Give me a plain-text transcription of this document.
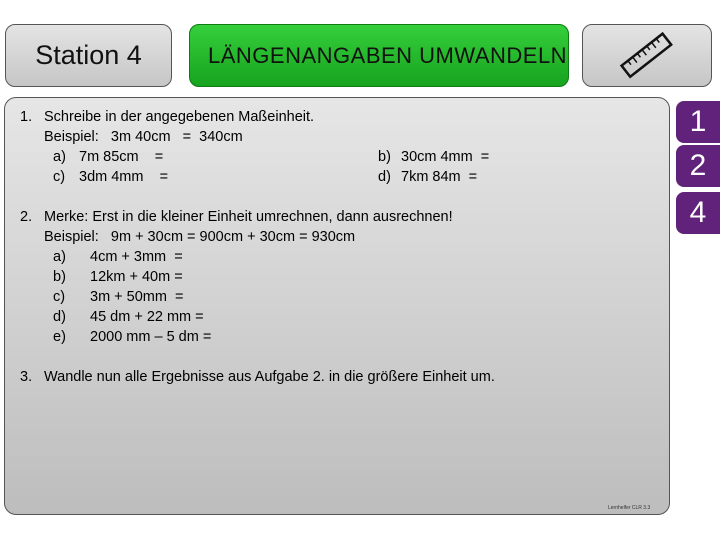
Station 4	LÄNGENANGABEN UMWANDELN
1
2
4
1. Schreibe in der angegebenen Maßeinheit.
Beispiel:   3m 40cm   =  340cm
a) 7m 85cm    =	b) 30cm 4mm  =
c) 3dm 4mm    =	d) 7km 84m  =
2. Merke: Erst in die kleiner Einheit umrechnen, dann ausrechnen!
Beispiel:   9m + 30cm = 900cm + 30cm = 930cm
a) 4cm + 3mm  =
b) 12km + 40m =
c) 3m + 50mm  =
d) 45 dm + 22 mm =
e) 2000 mm – 5 dm =
3. Wandle nun alle Ergebnisse aus Aufgabe 2. in die größere Einheit um.
Lernhelfer CLR 3.3
